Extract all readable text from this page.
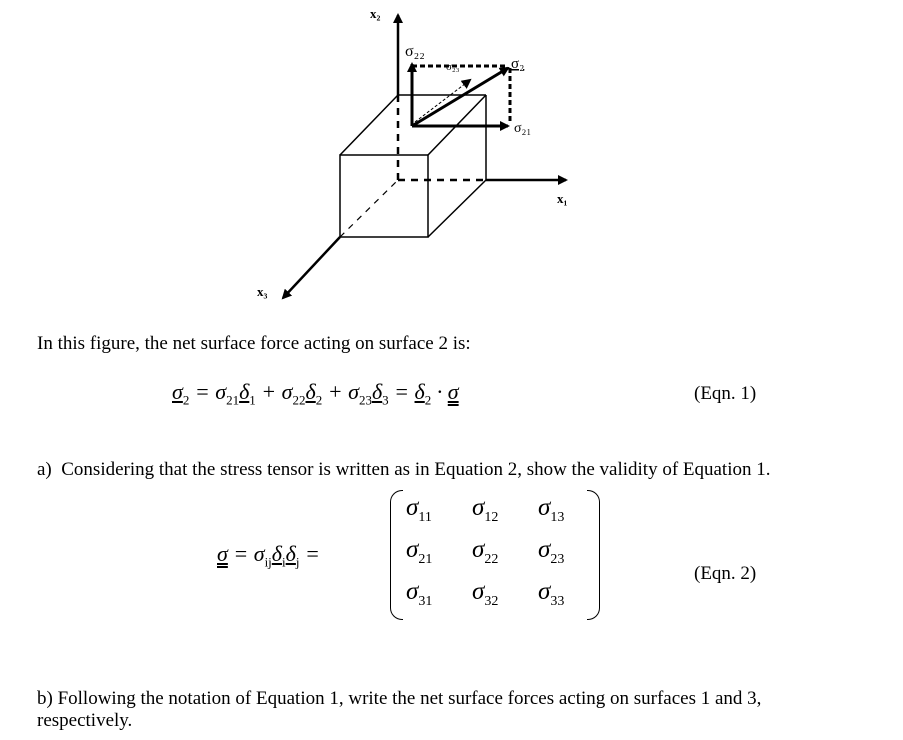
x₂
x₁
x₃
σ₂₂
σ₂₃
σ₂₁
σ₂
In this figure, the net surface force acting on surface 2 is:
$\sigma_2 = \sigma_{21}\delta_1 + \sigma_{22}\delta_2 + \sigma_{23}\delta_3 = \delta_2 \cdot \sigma$	(Eqn. 1)
a)  Considering that the stress tensor is written as in Equation 2, show the validity of Equation 1.
$\sigma = \sigma_{ij}\delta_i\delta_j$ =
$\sigma_{11}$ $\sigma_{12}$ $\sigma_{13}$
$\sigma_{21}$ $\sigma_{22}$ $\sigma_{23}$
$\sigma_{31}$ $\sigma_{32}$ $\sigma_{33}$
(Eqn. 2)
b) Following the notation of Equation 1, write the net surface forces acting on surfaces 1 and 3,
respectively.
